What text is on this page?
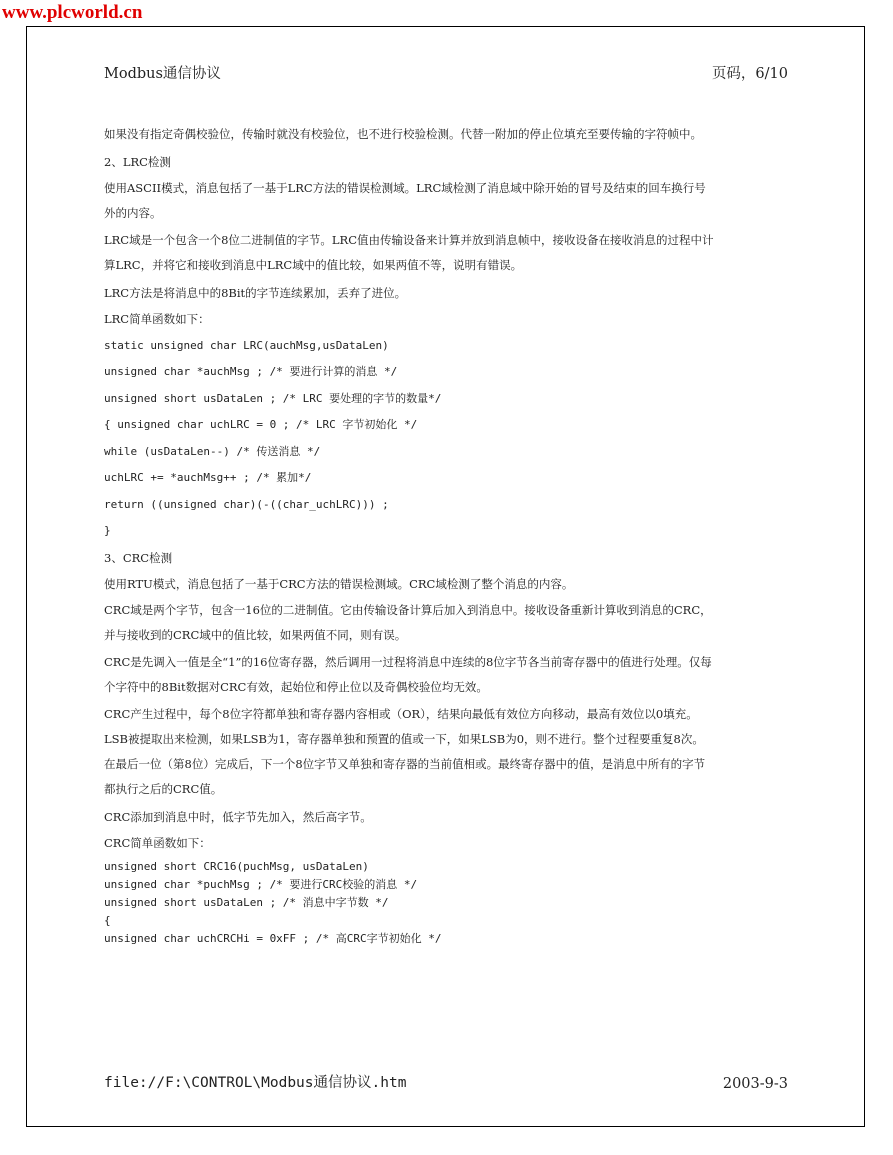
www.plcworld.cn
Modbus通信协议	页码，6/10

如果没有指定奇偶校验位，传输时就没有校验位，也不进行校验检测。代替一附加的停止位填充至要传输的字符帧中。

2、LRC检测

使用ASCII模式，消息包括了一基于LRC方法的错误检测域。LRC域检测了消息域中除开始的冒号及结束的回车换行号外的内容。

LRC域是一个包含一个8位二进制值的字节。LRC值由传输设备来计算并放到消息帧中，接收设备在接收消息的过程中计算LRC，并将它和接收到消息中LRC域中的值比较，如果两值不等，说明有错误。

LRC方法是将消息中的8Bit的字节连续累加，丢弃了进位。

LRC简单函数如下：

static unsigned char LRC(auchMsg,usDataLen)

unsigned char *auchMsg ; /* 要进行计算的消息 */

unsigned short usDataLen ; /* LRC 要处理的字节的数量*/

{ unsigned char uchLRC = 0 ; /* LRC 字节初始化 */

while (usDataLen--) /* 传送消息 */

uchLRC += *auchMsg++ ; /* 累加*/

return ((unsigned char)(-((char_uchLRC))) ;

}

3、CRC检测

使用RTU模式，消息包括了一基于CRC方法的错误检测域。CRC域检测了整个消息的内容。

CRC域是两个字节，包含一16位的二进制值。它由传输设备计算后加入到消息中。接收设备重新计算收到消息的CRC，并与接收到的CRC域中的值比较，如果两值不同，则有误。

CRC是先调入一值是全“1”的16位寄存器，然后调用一过程将消息中连续的8位字节各当前寄存器中的值进行处理。仅每个字符中的8Bit数据对CRC有效，起始位和停止位以及奇偶校验位均无效。

CRC产生过程中，每个8位字符都单独和寄存器内容相或（OR），结果向最低有效位方向移动，最高有效位以0填充。LSB被提取出来检测，如果LSB为1，寄存器单独和预置的值或一下，如果LSB为0，则不进行。整个过程要重复8次。在最后一位（第8位）完成后，下一个8位字节又单独和寄存器的当前值相或。最终寄存器中的值，是消息中所有的字节都执行之后的CRC值。

CRC添加到消息中时，低字节先加入，然后高字节。

CRC简单函数如下：

unsigned short CRC16(puchMsg, usDataLen)
unsigned char *puchMsg ; /* 要进行CRC校验的消息 */
unsigned short usDataLen ; /* 消息中字节数 */
{
unsigned char uchCRCHi = 0xFF ; /* 高CRC字节初始化 */
file://F:\CONTROL\Modbus通信协议.htm	2003-9-3
